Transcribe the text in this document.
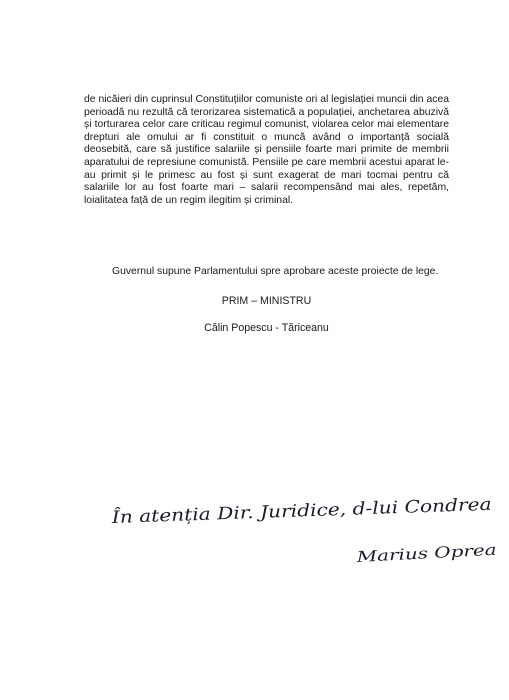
de nicăieri din cuprinsul Constituțiilor comuniste ori al legislației muncii din acea perioadă nu rezultă că terorizarea sistematică a populației, anchetarea abuzivă și torturarea celor care criticau regimul comunist, violarea celor mai elementare drepturi ale omului ar fi constituit o muncă având o importanță socială deosebită, care să justifice salariile și pensiile foarte mari primite de membrii aparatului de represiune comunistă. Pensiile pe care membrii acestui aparat le-au primit și le primesc au fost și sunt exagerat de mari tocmai pentru că salariile lor au fost foarte mari – salarii recompensând mai ales, repetăm, loialitatea față de un regim ilegitim și criminal.

Guvernul supune Parlamentului spre aprobare aceste proiecte de lege.

PRIM – MINISTRU

Călin Popescu - Tăriceanu

În atenția Dir. Juridice, d-lui Condrea
Marius Oprea
